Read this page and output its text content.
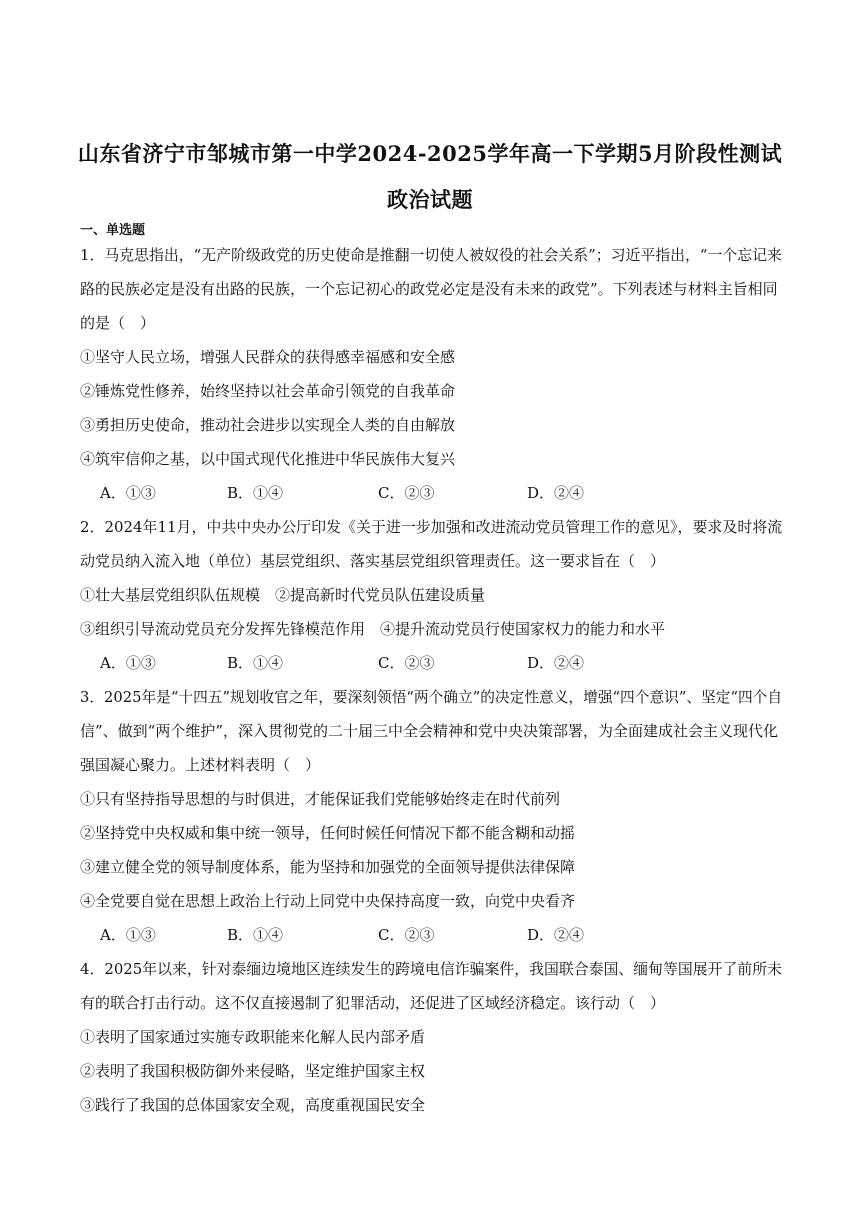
山东省济宁市邹城市第一中学2024-2025学年高一下学期5月阶段性测试
政治试题
一、单选题
1．马克思指出，“无产阶级政党的历史使命是推翻一切使人被奴役的社会关系”；习近平指出，“一个忘记来
路的民族必定是没有出路的民族，一个忘记初心的政党必定是没有未来的政党”。下列表述与材料主旨相同
的是（　）
①坚守人民立场，增强人民群众的获得感幸福感和安全感
②锤炼党性修养，始终坚持以社会革命引领党的自我革命
③勇担历史使命，推动社会进步以实现全人类的自由解放
④筑牢信仰之基，以中国式现代化推进中华民族伟大复兴
A．①③	B．①④	C．②③	D．②④
2．2024年11月，中共中央办公厅印发《关于进一步加强和改进流动党员管理工作的意见》，要求及时将流
动党员纳入流入地（单位）基层党组织、落实基层党组织管理责任。这一要求旨在（　）
①壮大基层党组织队伍规模　②提高新时代党员队伍建设质量
③组织引导流动党员充分发挥先锋模范作用　④提升流动党员行使国家权力的能力和水平
A．①③	B．①④	C．②③	D．②④
3．2025年是“十四五”规划收官之年，要深刻领悟“两个确立”的决定性意义，增强“四个意识”、坚定“四个自
信”、做到“两个维护”，深入贯彻党的二十届三中全会精神和党中央决策部署，为全面建成社会主义现代化
强国凝心聚力。上述材料表明（　）
①只有坚持指导思想的与时俱进，才能保证我们党能够始终走在时代前列
②坚持党中央权威和集中统一领导，任何时候任何情况下都不能含糊和动摇
③建立健全党的领导制度体系，能为坚持和加强党的全面领导提供法律保障
④全党要自觉在思想上政治上行动上同党中央保持高度一致，向党中央看齐
A．①③	B．①④	C．②③	D．②④
4．2025年以来，针对泰缅边境地区连续发生的跨境电信诈骗案件，我国联合泰国、缅甸等国展开了前所未
有的联合打击行动。这不仅直接遏制了犯罪活动，还促进了区域经济稳定。该行动（　）
①表明了国家通过实施专政职能来化解人民内部矛盾
②表明了我国积极防御外来侵略，坚定维护国家主权
③践行了我国的总体国家安全观，高度重视国民安全
